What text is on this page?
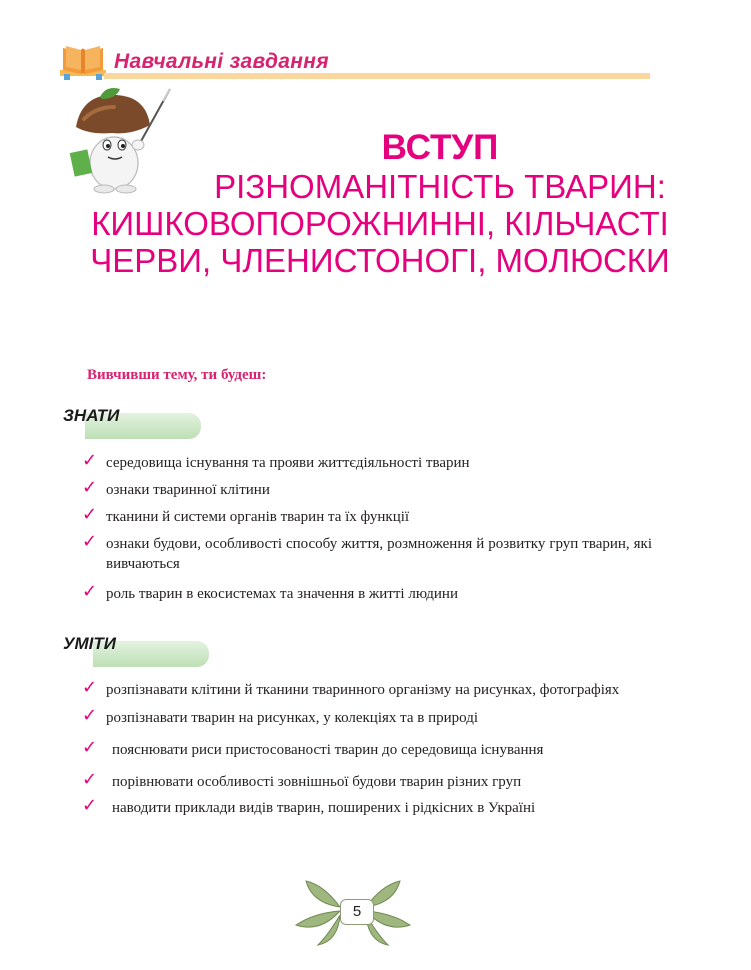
Навчальні завдання
ВСТУП
РІЗНОМАНІТНІСТЬ ТВАРИН:
КИШКОВОПОРОЖНИННІ, КІЛЬЧАСТІ
ЧЕРВИ, ЧЛЕНИСТОНОГІ, МОЛЮСКИ
Вивчивши тему, ти будеш:
ЗНАТИ
✓ середовища існування та прояви життєдіяльності тварин
✓ ознаки тваринної клітини
✓ тканини й системи органів тварин та їх функції
✓ ознаки будови, особливості способу життя, розмноження й розвитку груп тварин, які вивчаються
✓ роль тварин в екосистемах та значення в житті людини
УМІТИ
✓ розпізнавати клітини й тканини тваринного організму на рисунках, фотографіях
✓ розпізнавати тварин на рисунках, у колекціях та в природі
✓ пояснювати риси пристосованості тварин до середовища існування
✓ порівнювати особливості зовнішньої будови тварин різних груп
✓ наводити приклади видів тварин, поширених і рідкісних в Україні
5
